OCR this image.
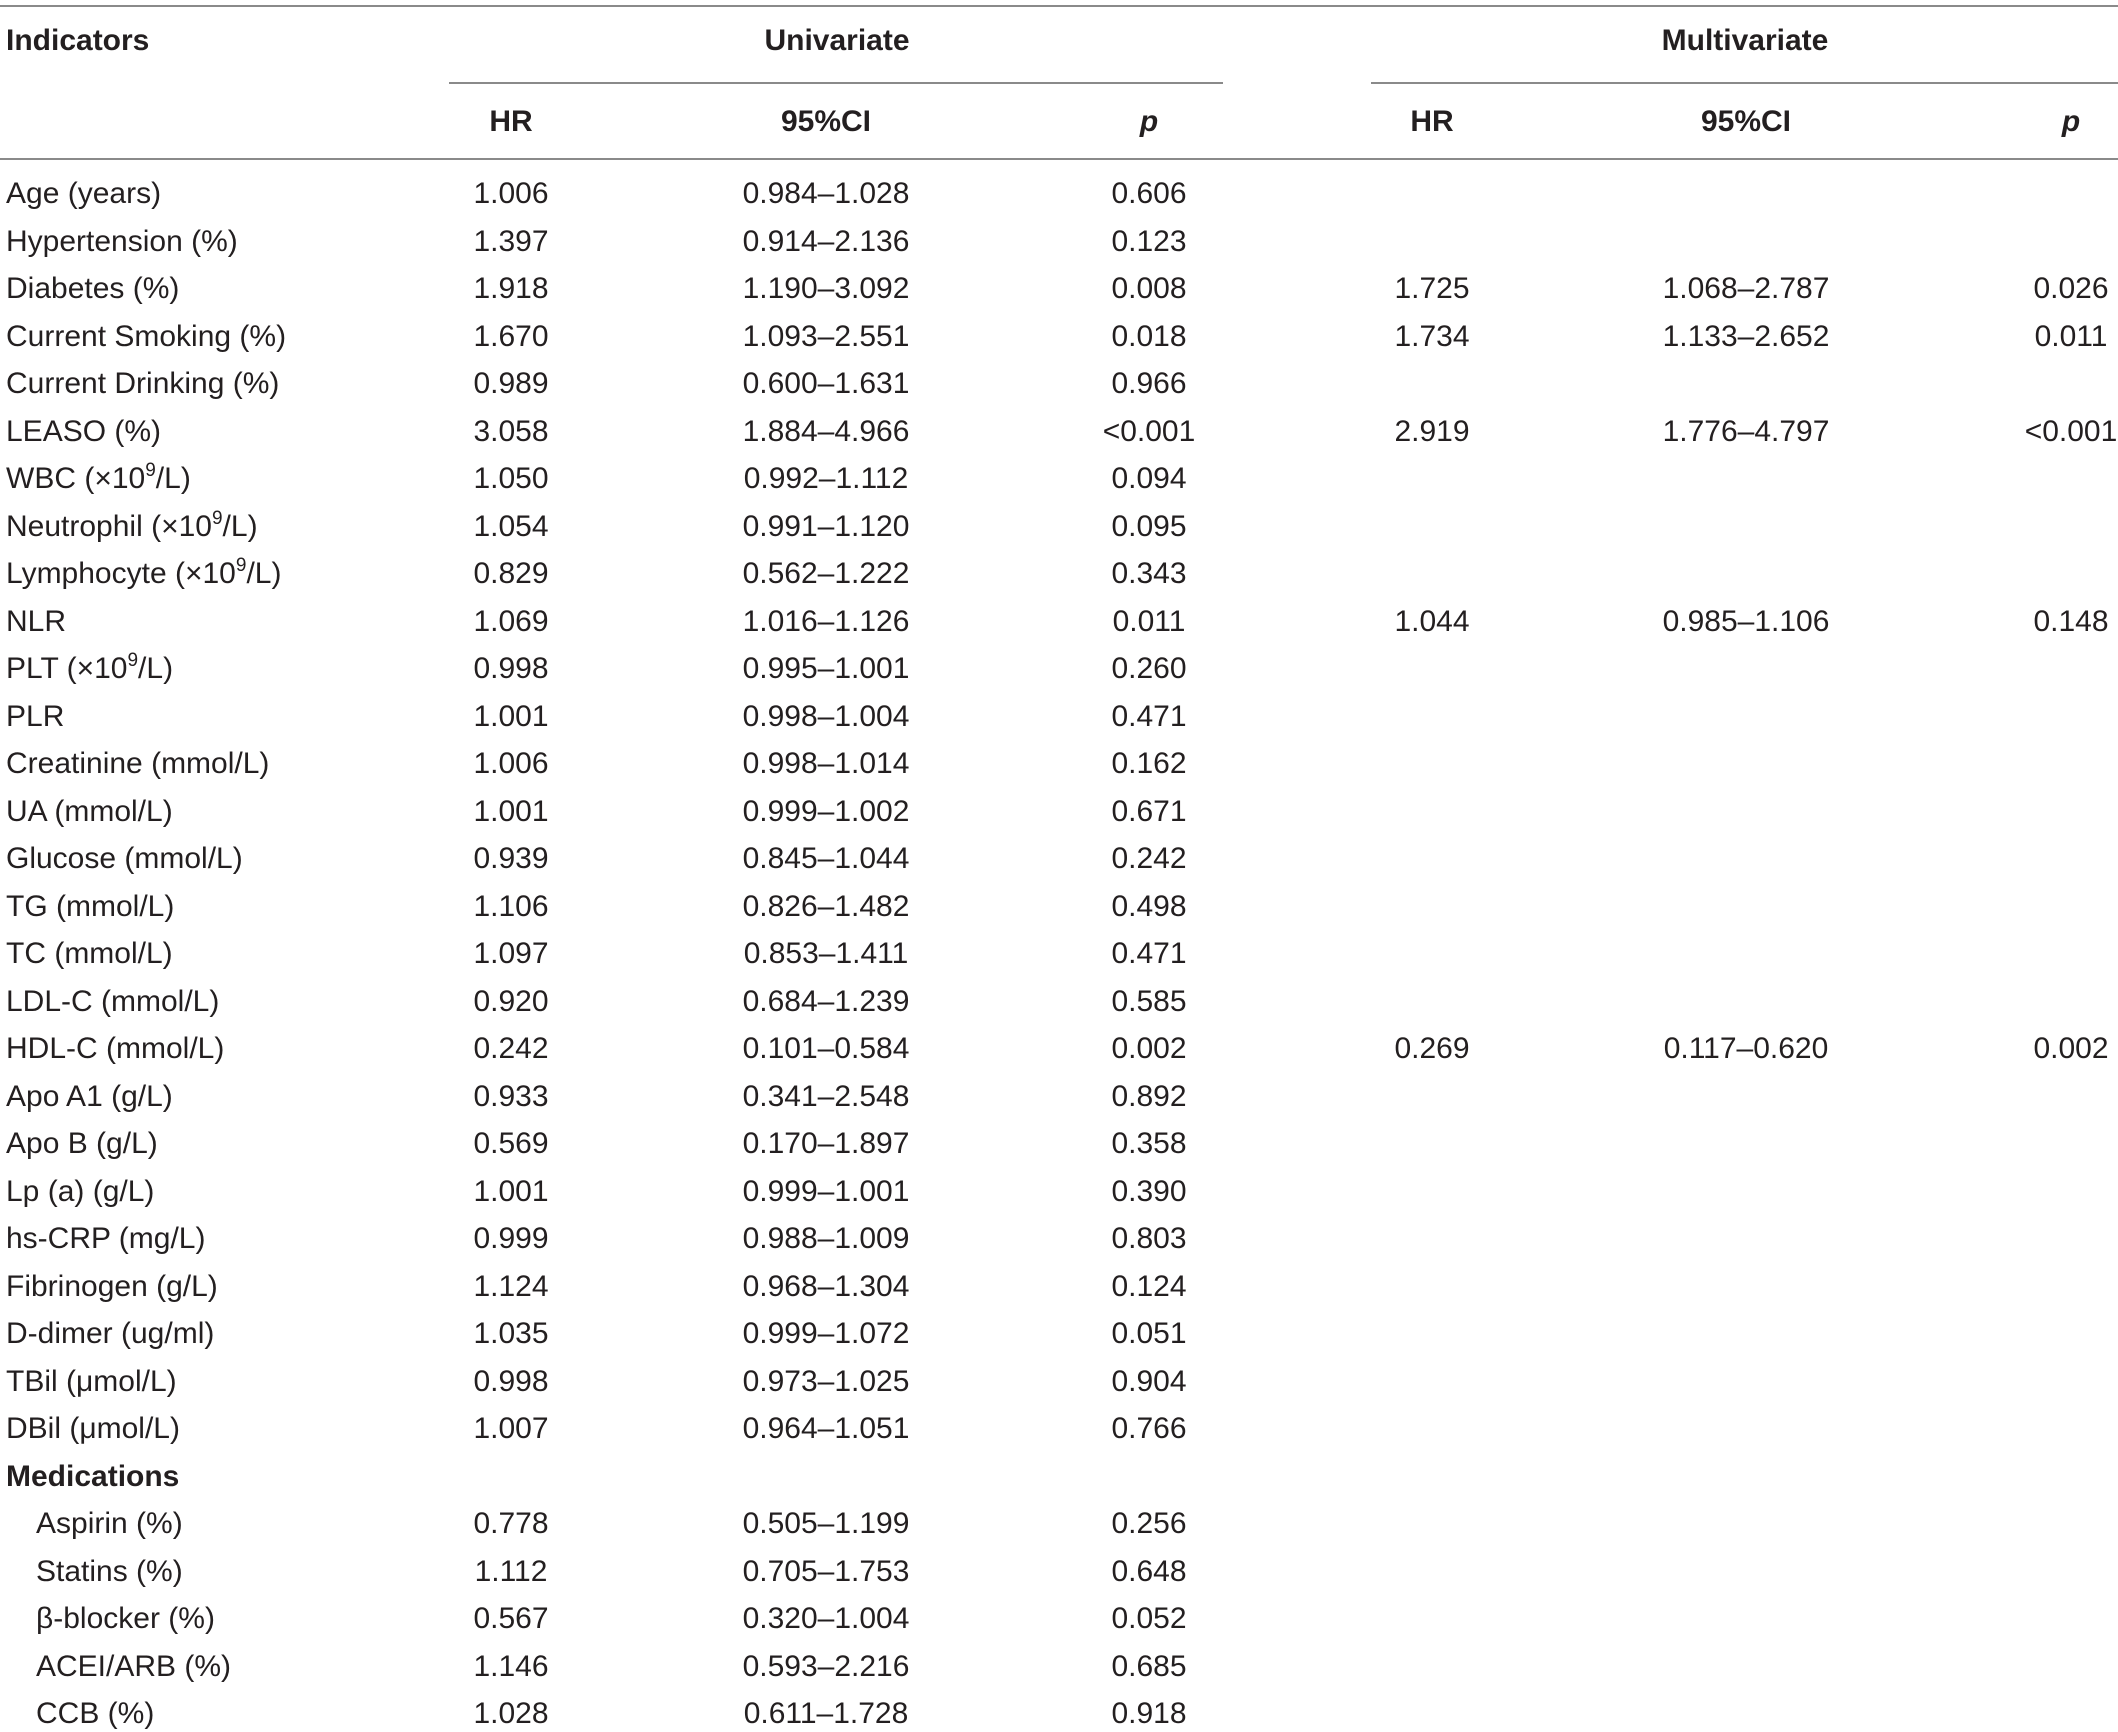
Indicators	Univariate	Multivariate
HR	95%CI	p	HR	95%CI	p
Age (years)	1.006	0.984–1.028	0.606
Hypertension (%)	1.397	0.914–2.136	0.123
Diabetes (%)	1.918	1.190–3.092	0.008	1.725	1.068–2.787	0.026
Current Smoking (%)	1.670	1.093–2.551	0.018	1.734	1.133–2.652	0.011
Current Drinking (%)	0.989	0.600–1.631	0.966
LEASO (%)	3.058	1.884–4.966	<0.001	2.919	1.776–4.797	<0.001
WBC $(\times 10^9/L)$	1.050	0.992–1.112	0.094
Neutrophil $(\times 10^9/L)$	1.054	0.991–1.120	0.095
Lymphocyte $(\times 10^9/L)$	0.829	0.562–1.222	0.343
NLR	1.069	1.016–1.126	0.011	1.044	0.985–1.106	0.148
PLT $(\times 10^9/L)$	0.998	0.995–1.001	0.260
PLR	1.001	0.998–1.004	0.471
Creatinine (mmol/L)	1.006	0.998–1.014	0.162
UA (mmol/L)	1.001	0.999–1.002	0.671
Glucose (mmol/L)	0.939	0.845–1.044	0.242
TG (mmol/L)	1.106	0.826–1.482	0.498
TC (mmol/L)	1.097	0.853–1.411	0.471
LDL-C (mmol/L)	0.920	0.684–1.239	0.585
HDL-C (mmol/L)	0.242	0.101–0.584	0.002	0.269	0.117–0.620	0.002
Apo A1 (g/L)	0.933	0.341–2.548	0.892
Apo B (g/L)	0.569	0.170–1.897	0.358
Lp (a) (g/L)	1.001	0.999–1.001	0.390
hs-CRP (mg/L)	0.999	0.988–1.009	0.803
Fibrinogen (g/L)	1.124	0.968–1.304	0.124
D-dimer (ug/ml)	1.035	0.999–1.072	0.051
TBil (μmol/L)	0.998	0.973–1.025	0.904
DBil (μmol/L)	1.007	0.964–1.051	0.766
Medications
Aspirin (%)	0.778	0.505–1.199	0.256
Statins (%)	1.112	0.705–1.753	0.648
β-blocker (%)	0.567	0.320–1.004	0.052
ACEI/ARB (%)	1.146	0.593–2.216	0.685
CCB (%)	1.028	0.611–1.728	0.918
